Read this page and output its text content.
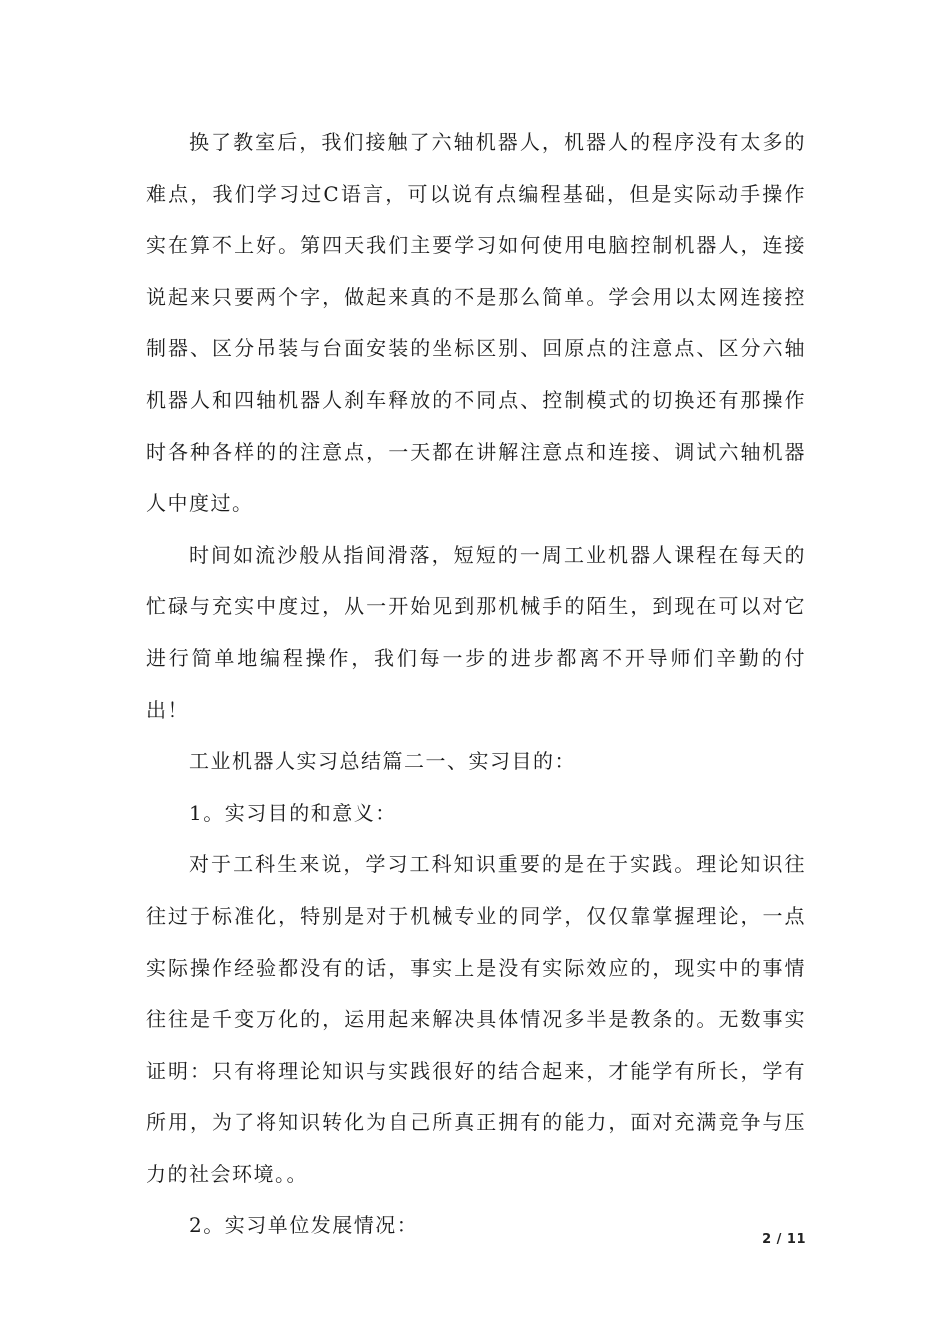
换了教室后，我们接触了六轴机器人，机器人的程序没有太多的难点，我们学习过C语言，可以说有点编程基础，但是实际动手操作实在算不上好。第四天我们主要学习如何使用电脑控制机器人，连接说起来只要两个字，做起来真的不是那么简单。学会用以太网连接控制器、区分吊装与台面安装的坐标区别、回原点的注意点、区分六轴机器人和四轴机器人刹车释放的不同点、控制模式的切换还有那操作时各种各样的的注意点，一天都在讲解注意点和连接、调试六轴机器人中度过。

时间如流沙般从指间滑落，短短的一周工业机器人课程在每天的忙碌与充实中度过，从一开始见到那机械手的陌生，到现在可以对它进行简单地编程操作，我们每一步的进步都离不开导师们辛勤的付出！

工业机器人实习总结篇二一、实习目的：

1。实习目的和意义：

对于工科生来说，学习工科知识重要的是在于实践。理论知识往往过于标准化，特别是对于机械专业的同学，仅仅靠掌握理论，一点实际操作经验都没有的话，事实上是没有实际效应的，现实中的事情往往是千变万化的，运用起来解决具体情况多半是教条的。无数事实证明：只有将理论知识与实践很好的结合起来，才能学有所长，学有所用，为了将知识转化为自己所真正拥有的能力，面对充满竞争与压力的社会环境。。

2。实习单位发展情况：

2 / 11
